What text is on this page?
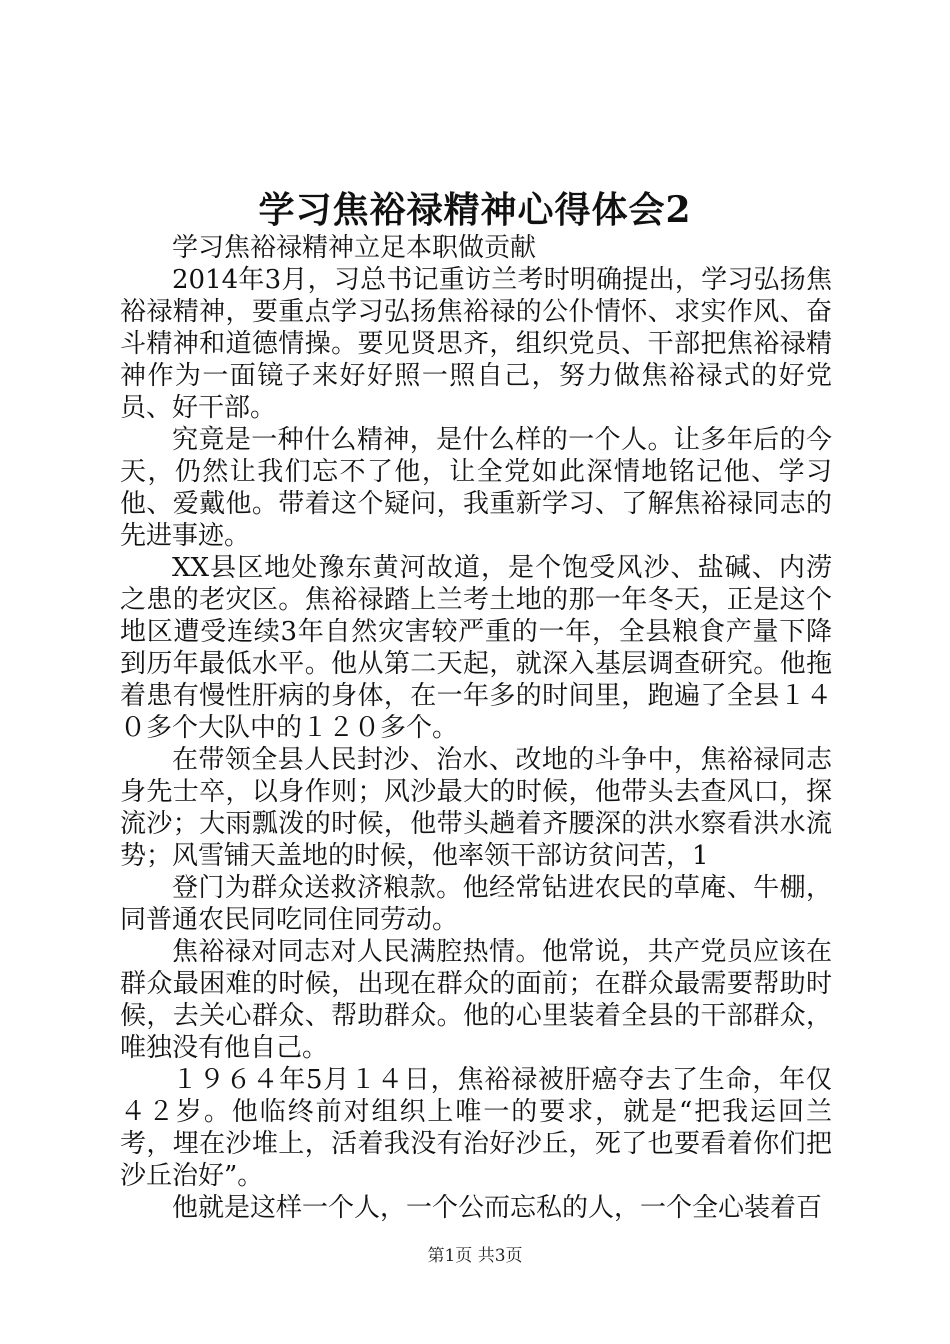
学习焦裕禄精神心得体会2

学习焦裕禄精神立足本职做贡献

2014年3月，习总书记重访兰考时明确提出，学习弘扬焦裕禄精神，要重点学习弘扬焦裕禄的公仆情怀、求实作风、奋斗精神和道德情操。要见贤思齐，组织党员、干部把焦裕禄精神作为一面镜子来好好照一照自己，努力做焦裕禄式的好党员、好干部。

究竟是一种什么精神，是什么样的一个人。让多年后的今天，仍然让我们忘不了他，让全党如此深情地铭记他、学习他、爱戴他。带着这个疑问，我重新学习、了解焦裕禄同志的先进事迹。

XX县区地处豫东黄河故道，是个饱受风沙、盐碱、内涝之患的老灾区。焦裕禄踏上兰考土地的那一年冬天，正是这个地区遭受连续3年自然灾害较严重的一年，全县粮食产量下降到历年最低水平。他从第二天起，就深入基层调查研究。他拖着患有慢性肝病的身体，在一年多的时间里，跑遍了全县１４０多个大队中的１２０多个。

在带领全县人民封沙、治水、改地的斗争中，焦裕禄同志身先士卒，以身作则；风沙最大的时候，他带头去查风口，探流沙；大雨瓢泼的时候，他带头趟着齐腰深的洪水察看洪水流势；风雪铺天盖地的时候，他率领干部访贫问苦，1

登门为群众送救济粮款。他经常钻进农民的草庵、牛棚，同普通农民同吃同住同劳动。

焦裕禄对同志对人民满腔热情。他常说，共产党员应该在群众最困难的时候，出现在群众的面前；在群众最需要帮助时候，去关心群众、帮助群众。他的心里装着全县的干部群众，唯独没有他自己。

１９６４年5月１４日，焦裕禄被肝癌夺去了生命，年仅４２岁。他临终前对组织上唯一的要求，就是“把我运回兰考，埋在沙堆上，活着我没有治好沙丘，死了也要看着你们把沙丘治好”。

他就是这样一个人，一个公而忘私的人，一个全心装着百

第1页 共3页
